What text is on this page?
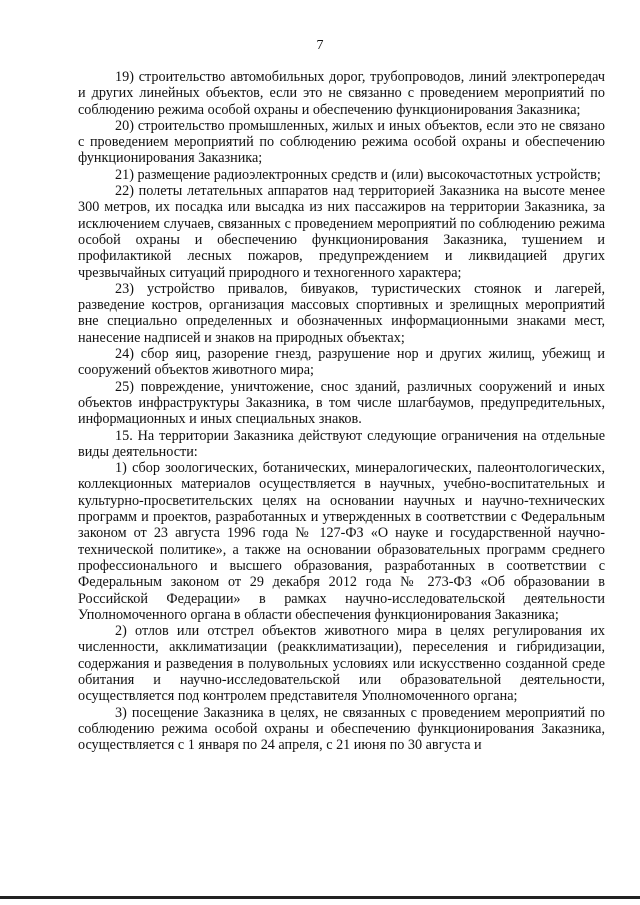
7

19) строительство автомобильных дорог, трубопроводов, линий электропередач и других линейных объектов, если это не связанно с проведением мероприятий по соблюдению режима особой охраны и обеспечению функционирования Заказника;

20) строительство промышленных, жилых и иных объектов, если это не связано с проведением мероприятий по соблюдению режима особой охраны и обеспечению функционирования Заказника;

21) размещение радиоэлектронных средств и (или) высокочастотных устройств;

22) полеты летательных аппаратов над территорией Заказника на высоте менее 300 метров, их посадка или высадка из них пассажиров на территории Заказника, за исключением случаев, связанных с проведением мероприятий по соблюдению режима особой охраны и обеспечению функционирования Заказника, тушением и профилактикой лесных пожаров, предупреждением и ликвидацией других чрезвычайных ситуаций природного и техногенного характера;

23) устройство привалов, бивуаков, туристических стоянок и лагерей, разведение костров, организация массовых спортивных и зрелищных мероприятий вне специально определенных и обозначенных информационными знаками мест, нанесение надписей и знаков на природных объектах;

24) сбор яиц, разорение гнезд, разрушение нор и других жилищ, убежищ и сооружений объектов животного мира;

25) повреждение, уничтожение, снос зданий, различных сооружений и иных объектов инфраструктуры Заказника, в том числе шлагбаумов, предупредительных, информационных и иных специальных знаков.

15. На территории Заказника действуют следующие ограничения на отдельные виды деятельности:

1) сбор зоологических, ботанических, минералогических, палеонтологических, коллекционных материалов осуществляется в научных, учебно-воспитательных и культурно-просветительских целях на основании научных и научно-технических программ и проектов, разработанных и утвержденных в соответствии с Федеральным законом от 23 августа 1996 года № 127-ФЗ «О науке и государственной научно-технической политике», а также на основании образовательных программ среднего профессионального и высшего образования, разработанных в соответствии с Федеральным законом от 29 декабря 2012 года № 273-ФЗ «Об образовании в Российской Федерации» в рамках научно-исследовательской деятельности Уполномоченного органа в области обеспечения функционирования Заказника;

2) отлов или отстрел объектов животного мира в целях регулирования их численности, акклиматизации (реакклиматизации), переселения и гибридизации, содержания и разведения в полувольных условиях или искусственно созданной среде обитания и научно-исследовательской или образовательной деятельности, осуществляется под контролем представителя Уполномоченного органа;

3) посещение Заказника в целях, не связанных с проведением мероприятий по соблюдению режима особой охраны и обеспечению функционирования Заказника, осуществляется с 1 января по 24 апреля, с 21 июня по 30 августа и
